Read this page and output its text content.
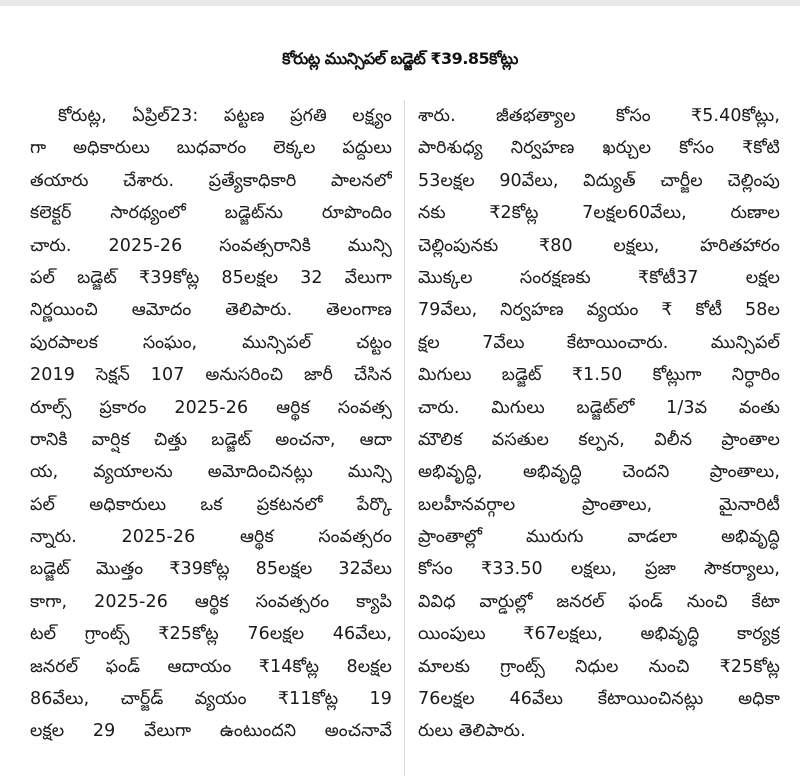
కోరుట్ల మున్సిపల్ బడ్జెట్ ₹39.85కోట్లు
కోరుట్ల, ఏప్రిల్23: పట్టణ ప్రగతి లక్ష్యం
గా అధికారులు బుధవారం లెక్కల పద్దులు
తయారు చేశారు. ప్రత్యేకాధికారి పాలనలో
కలెక్టర్ సారథ్యంలో బడ్జెట్‌ను రూపొందిం
చారు. 2025-26 సంవత్సరానికి మున్సి
పల్ బడ్జెట్ ₹39కోట్ల 85లక్షల 32 వేలుగా
నిర్ణయించి ఆమోదం తెలిపారు. తెలంగాణ
పురపాలక సంఘం, మున్సిపల్ చట్టం
2019 సెక్షన్ 107 అనుసరించి జారీ చేసిన
రూల్స్ ప్రకారం 2025-26 ఆర్థిక సంవత్స
రానికి వార్షిక చిత్తు బడ్జెట్ అంచనా, ఆదా
య, వ్యయాలను అమోదించినట్లు మున్సి
పల్ అధికారులు ఒక ప్రకటనలో పేర్కొ
న్నారు. 2025-26 ఆర్థిక సంవత్సరం
బడ్జెట్ మొత్తం ₹39కోట్ల 85లక్షల 32వేలు
కాగా, 2025-26 ఆర్థిక సంవత్సరం క్యాపి
టల్ గ్రాంట్స్ ₹25కోట్ల 76లక్షల 46వేలు,
జనరల్ ఫండ్ ఆదాయం ₹14కోట్ల 8లక్షల
86వేలు, చార్జ్‌డ్ వ్యయం ₹11కోట్ల 19
లక్షల 29 వేలుగా ఉంటుందని అంచనావే
శారు. జీతభత్యాల కోసం ₹5.40కోట్లు,
పారిశుధ్య నిర్వహణ ఖర్చుల కోసం ₹కోటి
53లక్షల 90వేలు, విద్యుత్ చార్జీల చెల్లింపు
నకు ₹2కోట్ల 7లక్షల60వేలు, రుణాల
చెల్లింపునకు ₹80 లక్షలు, హరితహారం
మొక్కల సంరక్షణకు ₹కోటీ37 లక్షల
79వేలు, నిర్వహణ వ్యయం ₹ కోటీ 58ల
క్షల 7వేలు కేటాయించారు. మున్సిపల్
మిగులు బడ్జెట్ ₹1.50 కోట్లుగా నిర్ధారిం
చారు. మిగులు బడ్జెట్‌లో 1/3వ వంతు
మౌలిక వసతుల కల్పన, విలీన ప్రాంతాల
అభివృద్ధి, అభివృద్ధి చెందని ప్రాంతాలు,
బలహీనవర్గాల ప్రాంతాలు, మైనారిటీ
ప్రాంతాల్లో మురుగు వాడలా అభివృద్ధి
కోసం ₹33.50 లక్షలు, ప్రజా సౌకర్యాలు,
వివిధ వార్డుల్లో జనరల్ ఫండ్ నుంచి కేటా
యింపులు ₹67లక్షలు, అభివృద్ధి కార్యక్ర
మాలకు గ్రాంట్స్ నిధుల నుంచి ₹25కోట్ల
76లక్షల 46వేలు కేటాయించినట్లు అధికా
రులు తెలిపారు.
